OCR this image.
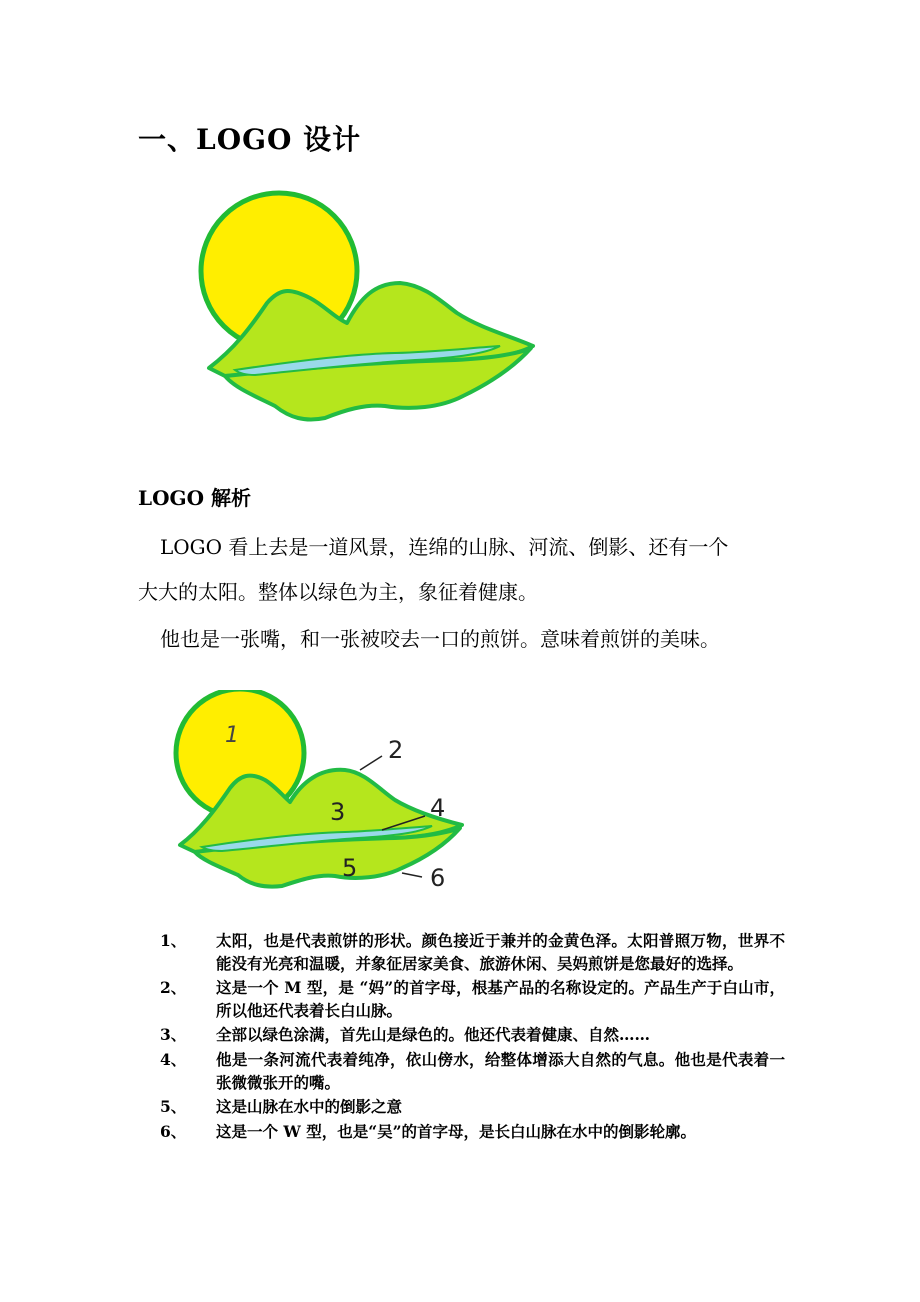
一、LOGO 设计
LOGO 解析
LOGO 看上去是一道风景，连绵的山脉、河流、倒影、还有一个
大大的太阳。整体以绿色为主，象征着健康。
他也是一张嘴，和一张被咬去一口的煎饼。意味着煎饼的美味。
1
2
3	4
5	6
1、	太阳，也是代表煎饼的形状。颜色接近于兼并的金黄色泽。太阳普照万物，世界不能没有光亮和温暖，并象征居家美食、旅游休闲、吴妈煎饼是您最好的选择。
2、	这是一个 M 型，是 “妈”的首字母，根基产品的名称设定的。产品生产于白山市，所以他还代表着长白山脉。
3、	全部以绿色涂满，首先山是绿色的。他还代表着健康、自然……
4、	他是一条河流代表着纯净，依山傍水，给整体增添大自然的气息。他也是代表着一张微微张开的嘴。
5、	这是山脉在水中的倒影之意
6、	这是一个 W 型，也是“吴”的首字母，是长白山脉在水中的倒影轮廓。
